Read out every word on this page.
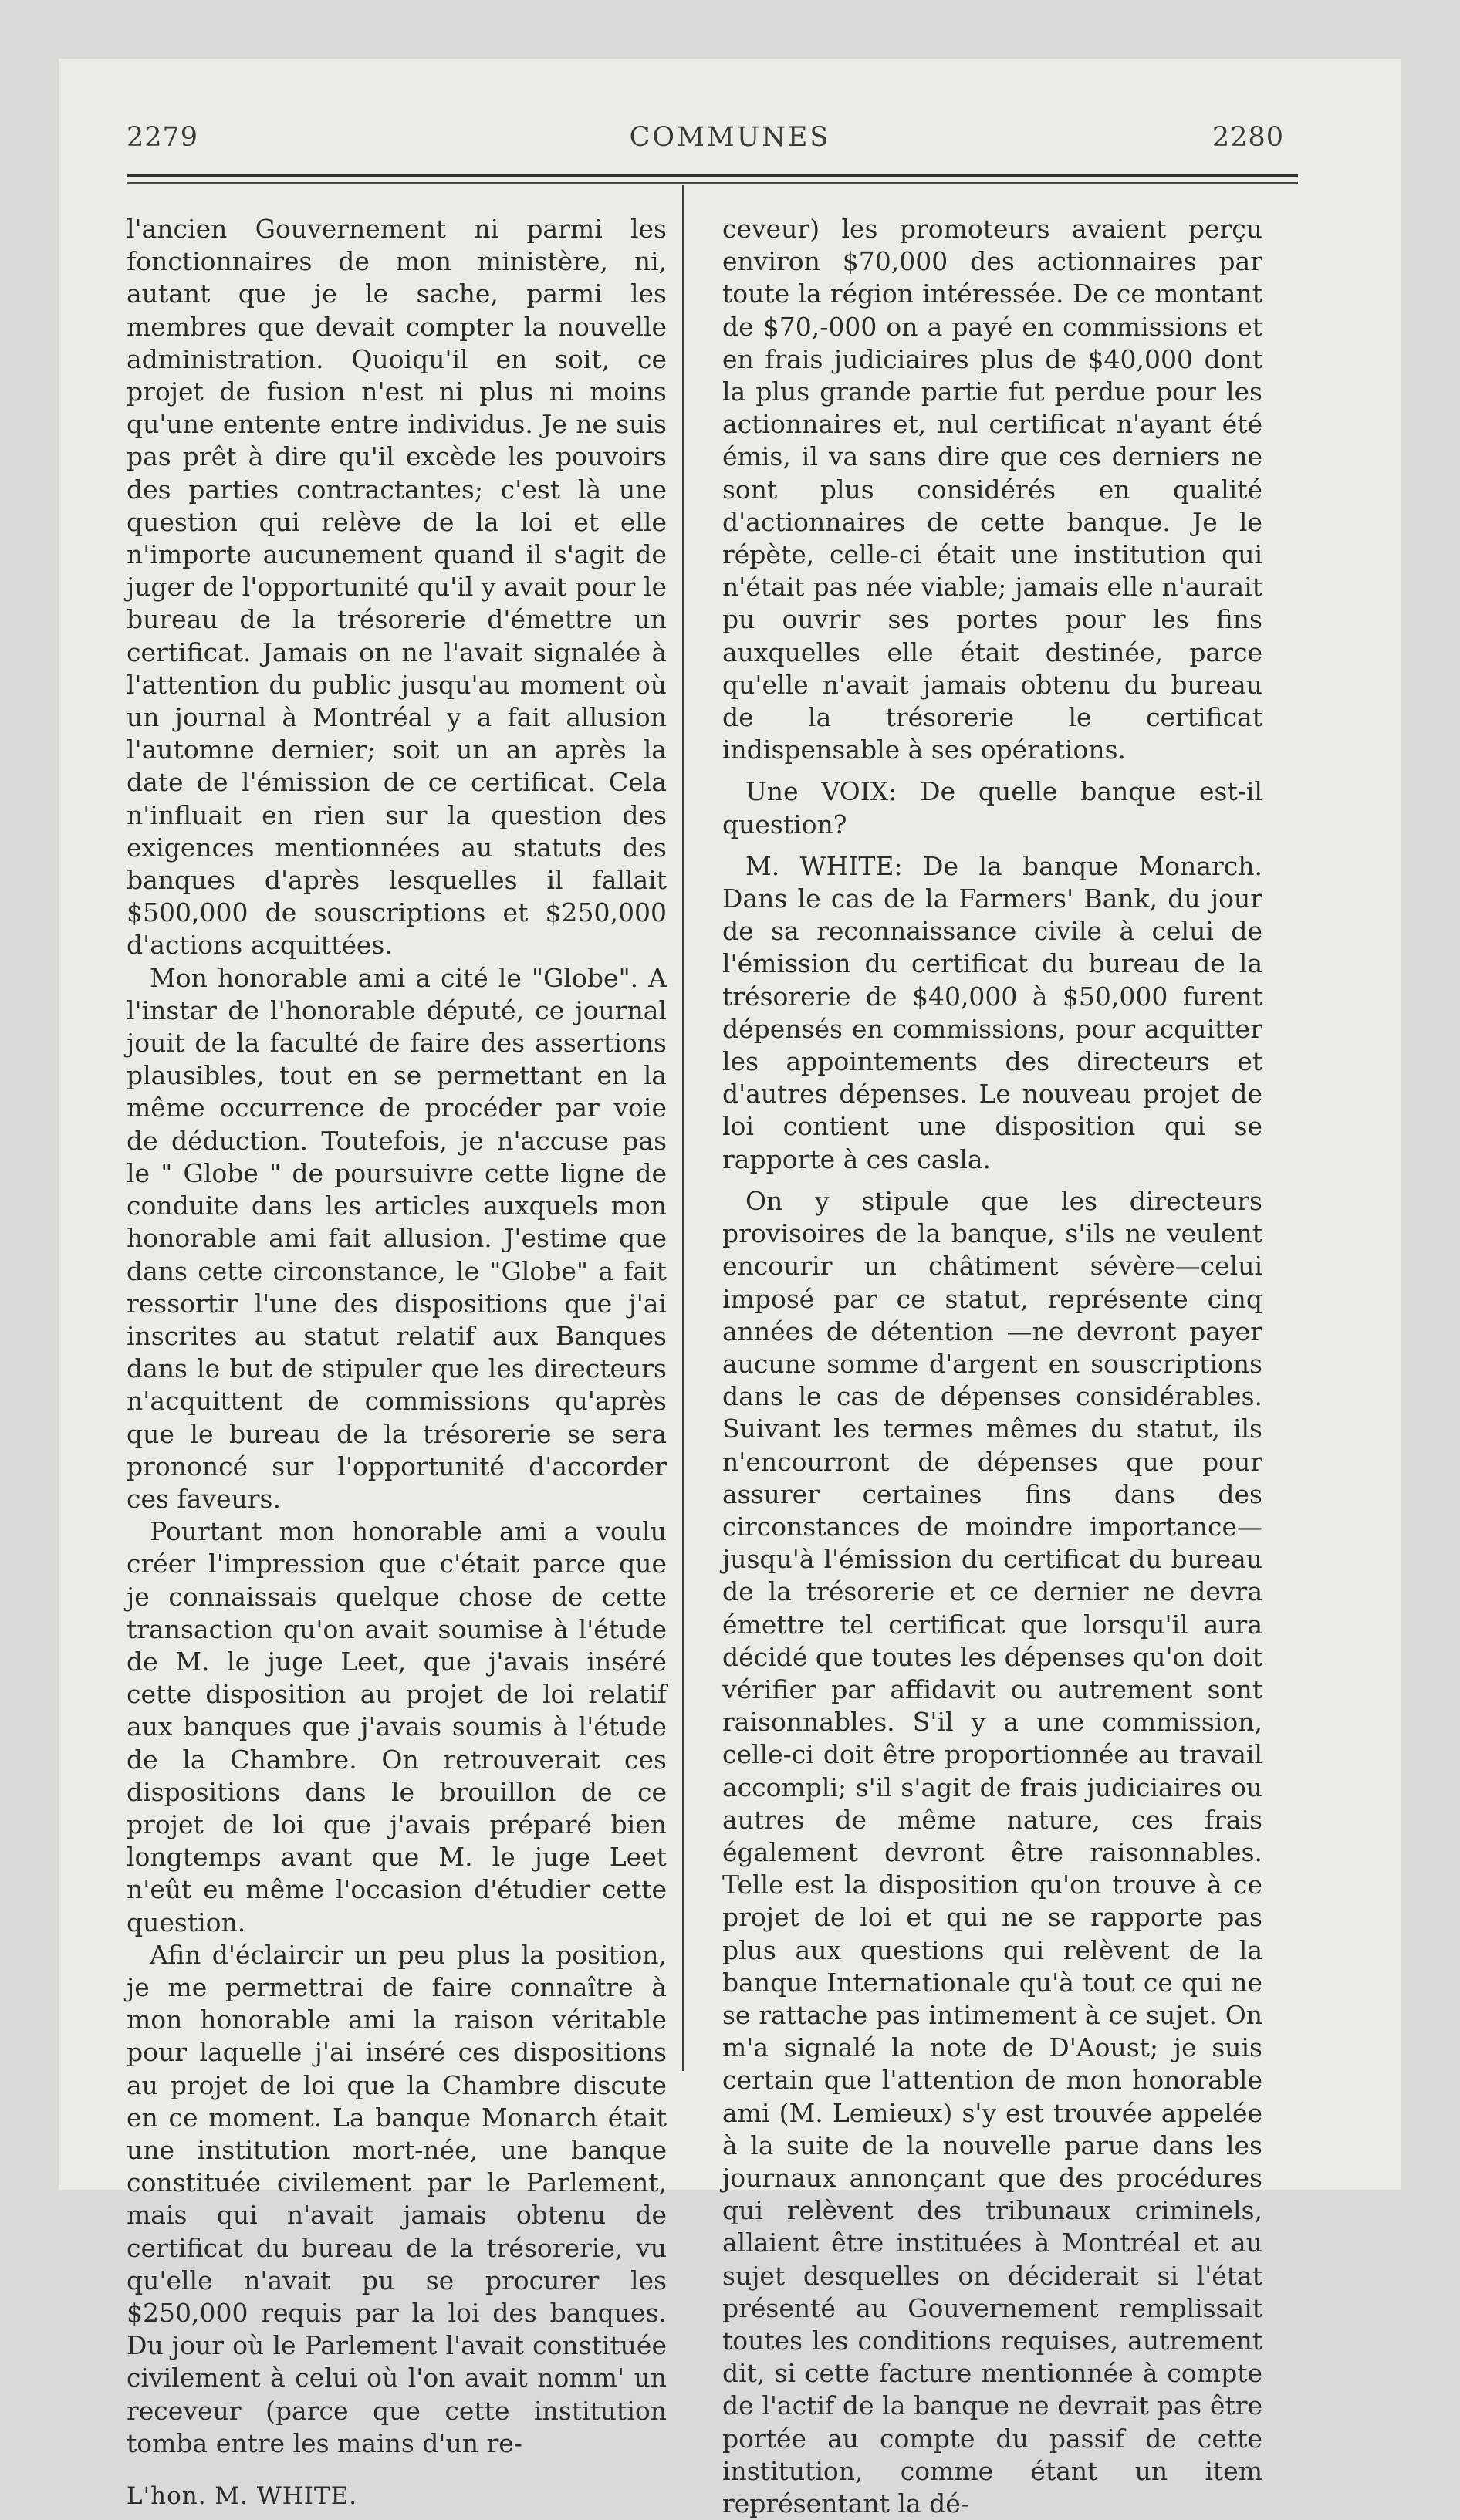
2279	COMMUNES	2280

l'ancien Gouvernement ni parmi les fonctionnaires de mon ministère, ni, autant que je le sache, parmi les membres que devait compter la nouvelle administration. Quoiqu'il en soit, ce projet de fusion n'est ni plus ni moins qu'une entente entre individus. Je ne suis pas prêt à dire qu'il excède les pouvoirs des parties contractantes; c'est là une question qui relève de la loi et elle n'importe aucunement quand il s'agit de juger de l'opportunité qu'il y avait pour le bureau de la trésorerie d'émettre un certificat. Jamais on ne l'avait signalée à l'attention du public jusqu'au moment où un journal à Montréal y a fait allusion l'automne dernier; soit un an après la date de l'émission de ce certificat. Cela n'influait en rien sur la question des exigences mentionnées au statuts des banques d'après lesquelles il fallait $500,000 de souscriptions et $250,000 d'actions acquittées.

Mon honorable ami a cité le "Globe". A l'instar de l'honorable député, ce journal jouit de la faculté de faire des assertions plausibles, tout en se permettant en la même occurrence de procéder par voie de déduction. Toutefois, je n'accuse pas le " Globe " de poursuivre cette ligne de conduite dans les articles auxquels mon honorable ami fait allusion. J'estime que dans cette circonstance, le "Globe" a fait ressortir l'une des dispositions que j'ai inscrites au statut relatif aux Banques dans le but de stipuler que les directeurs n'acquittent de commissions qu'après que le bureau de la trésorerie se sera prononcé sur l'opportunité d'accorder ces faveurs.

Pourtant mon honorable ami a voulu créer l'impression que c'était parce que je connaissais quelque chose de cette transaction qu'on avait soumise à l'étude de M. le juge Leet, que j'avais inséré cette disposition au projet de loi relatif aux banques que j'avais soumis à l'étude de la Chambre. On retrouverait ces dispositions dans le brouillon de ce projet de loi que j'avais préparé bien longtemps avant que M. le juge Leet n'eût eu même l'occasion d'étudier cette question.

Afin d'éclaircir un peu plus la position, je me permettrai de faire connaître à mon honorable ami la raison véritable pour laquelle j'ai inséré ces dispositions au projet de loi que la Chambre discute en ce moment. La banque Monarch était une institution mort-née, une banque constituée civilement par le Parlement, mais qui n'avait jamais obtenu de certificat du bureau de la trésorerie, vu qu'elle n'avait pu se procurer les $250,000 requis par la loi des banques. Du jour où le Parlement l'avait constituée civilement à celui où l'on avait nomm' un receveur (parce que cette institution tomba entre les mains d'un re-

L'hon. M. WHITE.

ceveur) les promoteurs avaient perçu environ $70,000 des actionnaires par toute la région intéressée. De ce montant de $70,-000 on a payé en commissions et en frais judiciaires plus de $40,000 dont la plus grande partie fut perdue pour les actionnaires et, nul certificat n'ayant été émis, il va sans dire que ces derniers ne sont plus considérés en qualité d'actionnaires de cette banque. Je le répète, celle-ci était une institution qui n'était pas née viable; jamais elle n'aurait pu ouvrir ses portes pour les fins auxquelles elle était destinée, parce qu'elle n'avait jamais obtenu du bureau de la trésorerie le certificat indispensable à ses opérations.

Une VOIX: De quelle banque est-il question?

M. WHITE: De la banque Monarch. Dans le cas de la Farmers' Bank, du jour de sa reconnaissance civile à celui de l'émission du certificat du bureau de la trésorerie de $40,000 à $50,000 furent dépensés en commissions, pour acquitter les appointements des directeurs et d'autres dépenses. Le nouveau projet de loi contient une disposition qui se rapporte à ces casla.

On y stipule que les directeurs provisoires de la banque, s'ils ne veulent encourir un châtiment sévère—celui imposé par ce statut, représente cinq années de détention —ne devront payer aucune somme d'argent en souscriptions dans le cas de dépenses considérables. Suivant les termes mêmes du statut, ils n'encourront de dépenses que pour assurer certaines fins dans des circonstances de moindre importance—jusqu'à l'émission du certificat du bureau de la trésorerie et ce dernier ne devra émettre tel certificat que lorsqu'il aura décidé que toutes les dépenses qu'on doit vérifier par affidavit ou autrement sont raisonnables. S'il y a une commission, celle-ci doit être proportionnée au travail accompli; s'il s'agit de frais judiciaires ou autres de même nature, ces frais également devront être raisonnables. Telle est la disposition qu'on trouve à ce projet de loi et qui ne se rapporte pas plus aux questions qui relèvent de la banque Internationale qu'à tout ce qui ne se rattache pas intimement à ce sujet. On m'a signalé la note de D'Aoust; je suis certain que l'attention de mon honorable ami (M. Lemieux) s'y est trouvée appelée à la suite de la nouvelle parue dans les journaux annonçant que des procédures qui relèvent des tribunaux criminels, allaient être instituées à Montréal et au sujet desquelles on déciderait si l'état présenté au Gouvernement remplissait toutes les conditions requises, autrement dit, si cette facture mentionnée à compte de l'actif de la banque ne devrait pas être portée au compte du passif de cette institution, comme étant un item représentant la dé-
